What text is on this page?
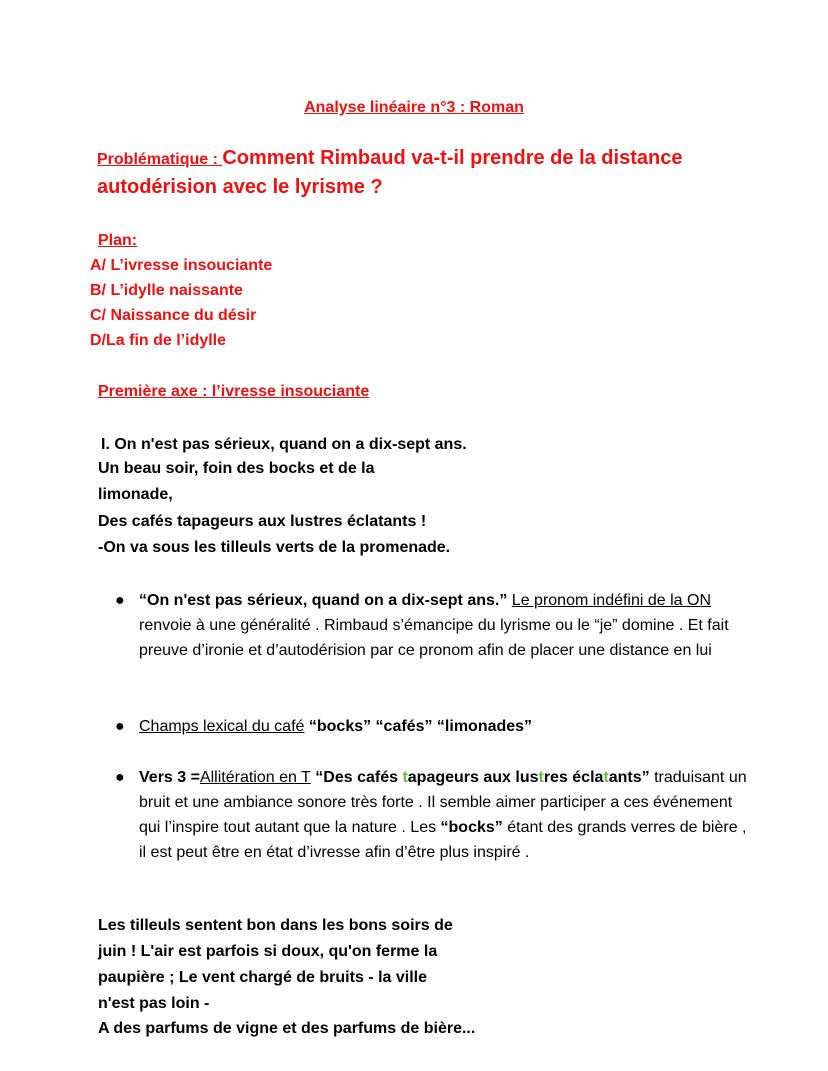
Analyse linéaire n°3 : Roman
Problématique : Comment Rimbaud va-t-il prendre de la distance
autodérision avec le lyrisme ?
Plan:
A/ L’ivresse insouciante
B/ L’idylle naissante
C/ Naissance du désir
D/La fin de l’idylle
Première axe : l’ivresse insouciante
I. On n'est pas sérieux, quand on a dix-sept ans.
Un beau soir, foin des bocks et de la
limonade,
Des cafés tapageurs aux lustres éclatants !
-On va sous les tilleuls verts de la promenade.
● “On n'est pas sérieux, quand on a dix-sept ans.” Le pronom indéfini de la ON renvoie à une généralité . Rimbaud s’émancipe du lyrisme ou le “je” domine . Et fait preuve d’ironie et d’autodérision par ce pronom afin de placer une distance en lui
● Champs lexical du café “bocks” “cafés” “limonades”
● Vers 3 =Allitération en T “Des cafés tapageurs aux lustres éclatants” traduisant un bruit et une ambiance sonore très forte . Il semble aimer participer a ces événement qui l’inspire tout autant que la nature . Les “bocks” étant des grands verres de bière , il est peut être en état d’ivresse afin d’être plus inspiré .
Les tilleuls sentent bon dans les bons soirs de
juin ! L'air est parfois si doux, qu'on ferme la
paupière ; Le vent chargé de bruits - la ville
n'est pas loin -
A des parfums de vigne et des parfums de bière...
